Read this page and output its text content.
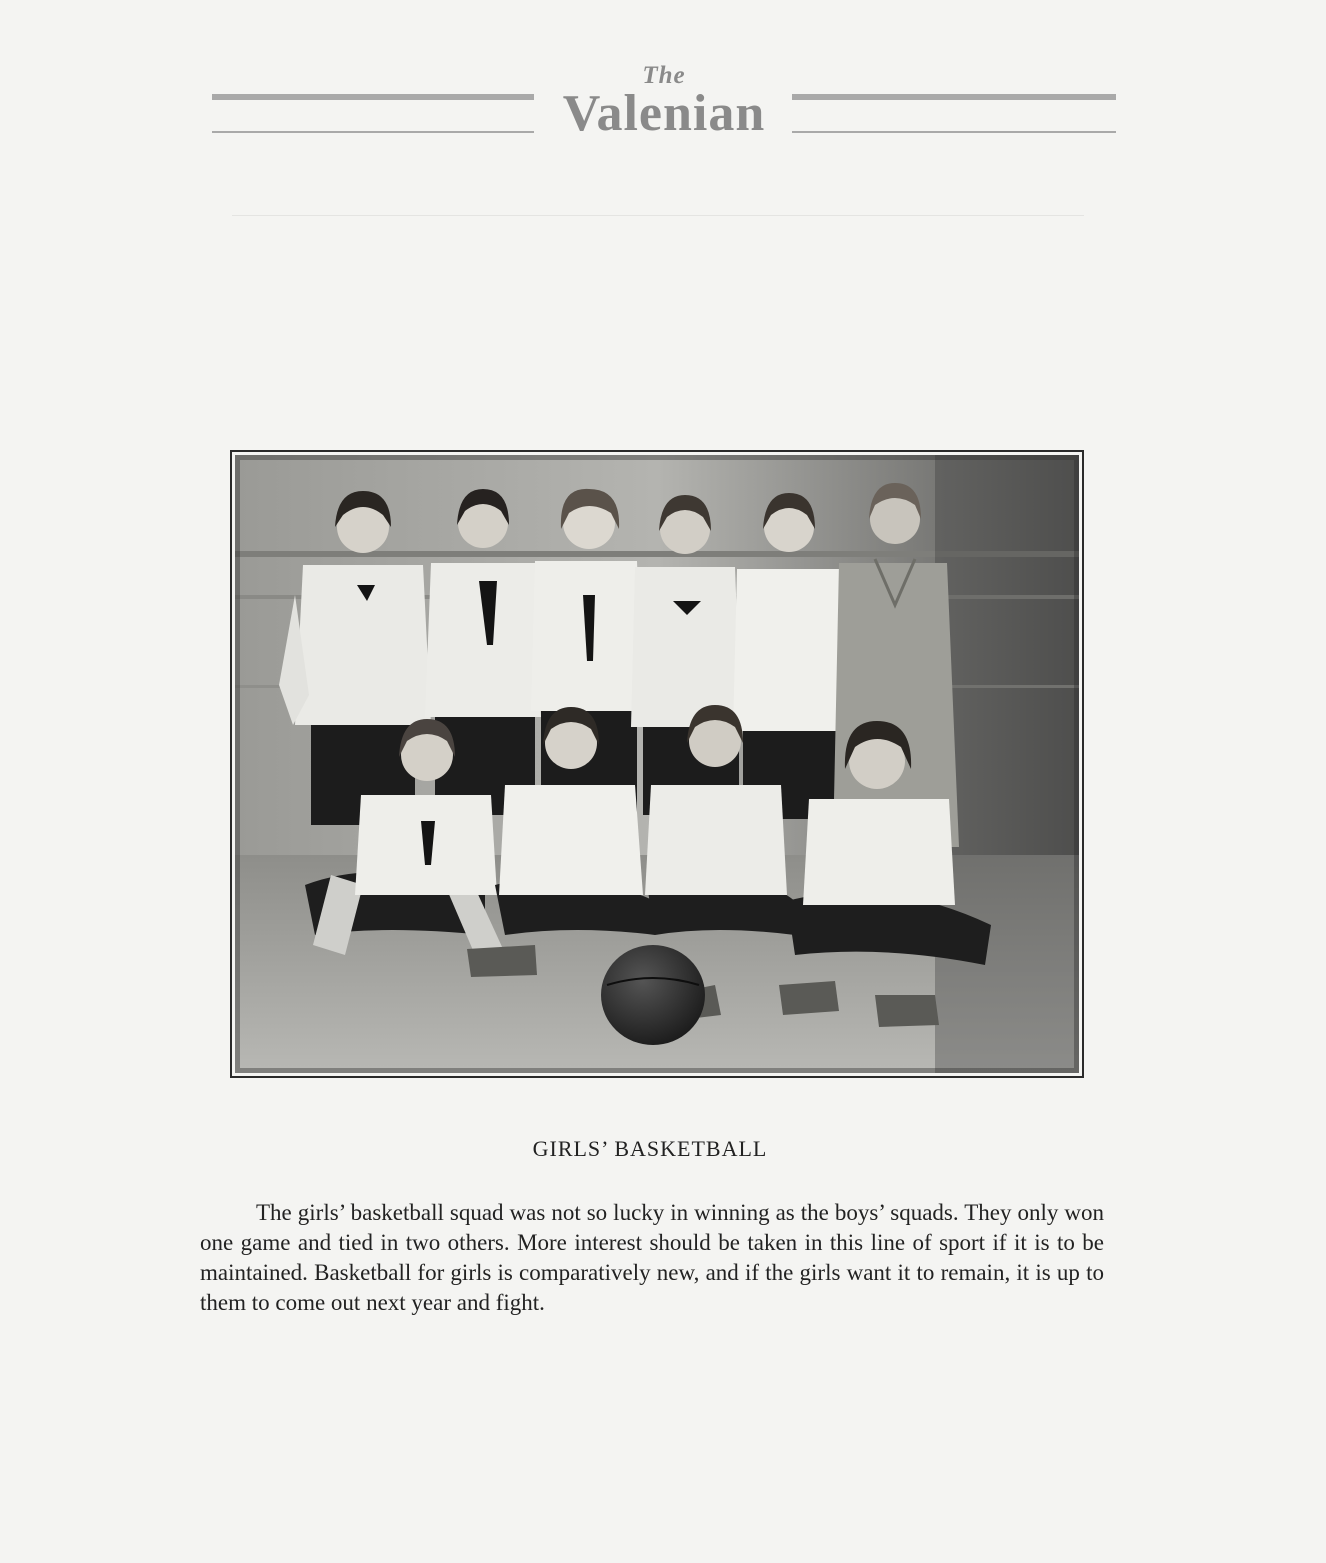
The
Valenian
GIRLS’ BASKETBALL

The girls’ basketball squad was not so lucky in winning as the boys’ squads. They only won one game and tied in two others. More interest should be taken in this line of sport if it is to be maintained. Basketball for girls is comparatively new, and if the girls want it to remain, it is up to them to come out next year and fight.
